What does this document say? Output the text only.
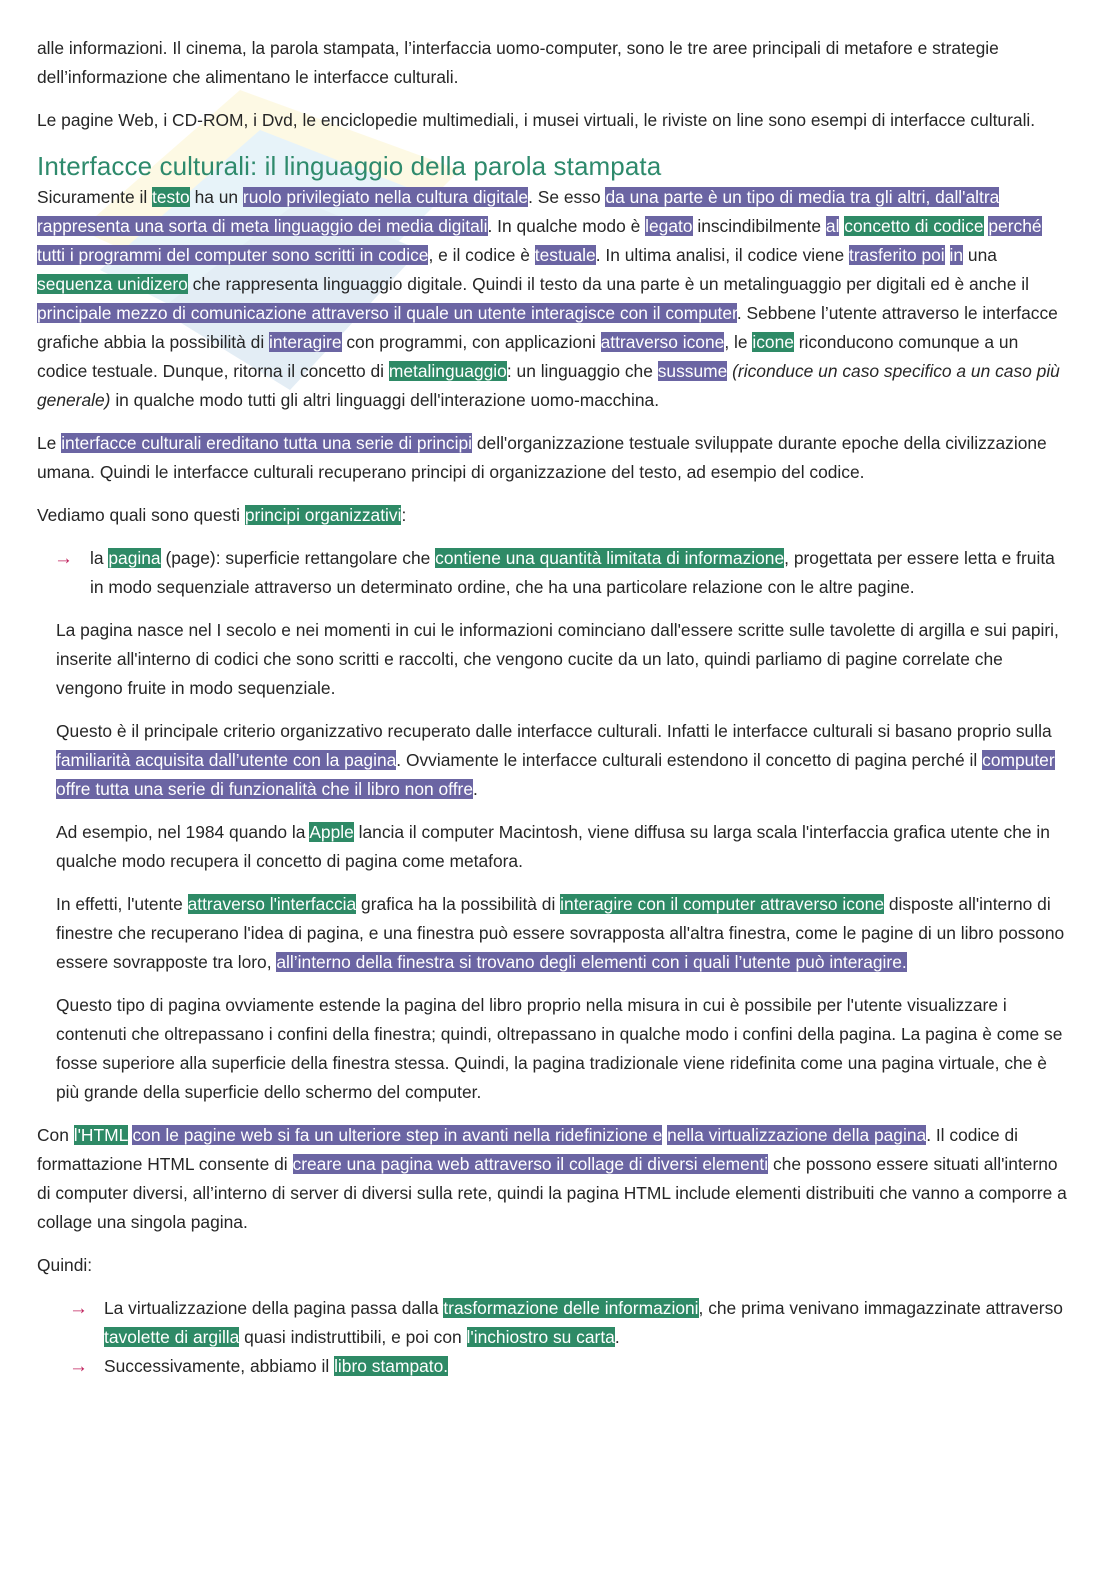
alle informazioni. Il cinema, la parola stampata, l’interfaccia uomo-computer, sono le tre aree principali di metafore e strategie dell’informazione che alimentano le interfacce culturali.

Le pagine Web, i CD-ROM, i Dvd, le enciclopedie multimediali, i musei virtuali, le riviste on line sono esempi di interfacce culturali.

Interfacce culturali: il linguaggio della parola stampata

Sicuramente il testo ha un ruolo privilegiato nella cultura digitale. Se esso da una parte è un tipo di media tra gli altri, dall'altra rappresenta una sorta di meta linguaggio dei media digitali. In qualche modo è legato inscindibilmente al concetto di codice perché tutti i programmi del computer sono scritti in codice, e il codice è testuale. In ultima analisi, il codice viene trasferito poi in una sequenza unidizero che rappresenta linguaggio digitale. Quindi il testo da una parte è un metalinguaggio per digitali ed è anche il principale mezzo di comunicazione attraverso il quale un utente interagisce con il computer. Sebbene l’utente attraverso le interfacce grafiche abbia la possibilità di interagire con programmi, con applicazioni attraverso icone, le icone riconducono comunque a un codice testuale. Dunque, ritorna il concetto di metalinguaggio: un linguaggio che sussume (riconduce un caso specifico a un caso più generale) in qualche modo tutti gli altri linguaggi dell'interazione uomo-macchina.

Le interfacce culturali ereditano tutta una serie di principi dell'organizzazione testuale sviluppate durante epoche della civilizzazione umana. Quindi le interfacce culturali recuperano principi di organizzazione del testo, ad esempio del codice.

Vediamo quali sono questi principi organizzativi:

→ la pagina (page): superficie rettangolare che contiene una quantità limitata di informazione, progettata per essere letta e fruita in modo sequenziale attraverso un determinato ordine, che ha una particolare relazione con le altre pagine.

La pagina nasce nel I secolo e nei momenti in cui le informazioni cominciano dall'essere scritte sulle tavolette di argilla e sui papiri, inserite all'interno di codici che sono scritti e raccolti, che vengono cucite da un lato, quindi parliamo di pagine correlate che vengono fruite in modo sequenziale.

Questo è il principale criterio organizzativo recuperato dalle interfacce culturali. Infatti le interfacce culturali si basano proprio sulla familiarità acquisita dall’utente con la pagina. Ovviamente le interfacce culturali estendono il concetto di pagina perché il computer offre tutta una serie di funzionalità che il libro non offre.

Ad esempio, nel 1984 quando la Apple lancia il computer Macintosh, viene diffusa su larga scala l'interfaccia grafica utente che in qualche modo recupera il concetto di pagina come metafora.

In effetti, l'utente attraverso l'interfaccia grafica ha la possibilità di interagire con il computer attraverso icone disposte all'interno di finestre che recuperano l'idea di pagina, e una finestra può essere sovrapposta all'altra finestra, come le pagine di un libro possono essere sovrapposte tra loro, all’interno della finestra si trovano degli elementi con i quali l’utente può interagire.

Questo tipo di pagina ovviamente estende la pagina del libro proprio nella misura in cui è possibile per l'utente visualizzare i contenuti che oltrepassano i confini della finestra; quindi, oltrepassano in qualche modo i confini della pagina. La pagina è come se fosse superiore alla superficie della finestra stessa. Quindi, la pagina tradizionale viene ridefinita come una pagina virtuale, che è più grande della superficie dello schermo del computer.

Con l'HTML con le pagine web si fa un ulteriore step in avanti nella ridefinizione e nella virtualizzazione della pagina. Il codice di formattazione HTML consente di creare una pagina web attraverso il collage di diversi elementi che possono essere situati all'interno di computer diversi, all’interno di server di diversi sulla rete, quindi la pagina HTML include elementi distribuiti che vanno a comporre a collage una singola pagina.

Quindi:

→ La virtualizzazione della pagina passa dalla trasformazione delle informazioni, che prima venivano immagazzinate attraverso tavolette di argilla quasi indistruttibili, e poi con l'inchiostro su carta.
→ Successivamente, abbiamo il libro stampato.
